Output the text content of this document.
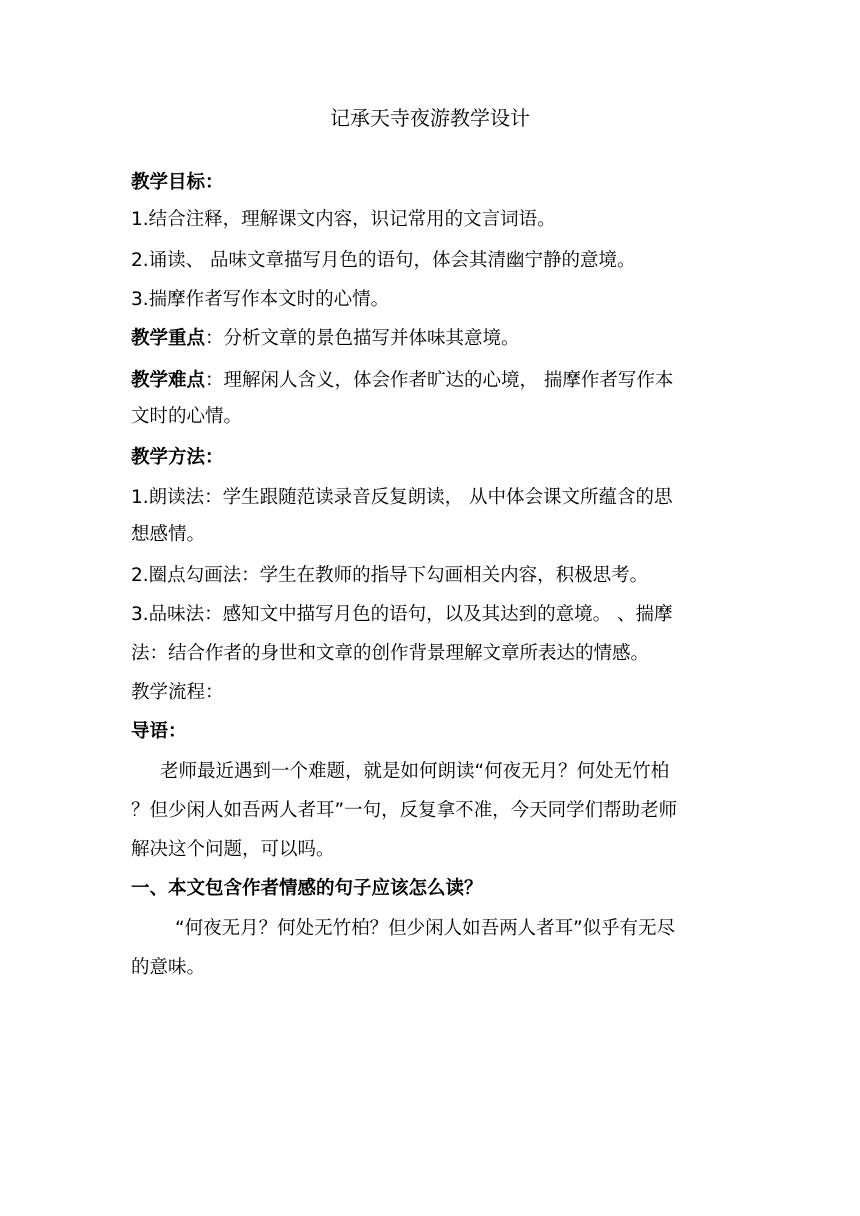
记承天寺夜游教学设计
教学目标：
1.结合注释，理解课文内容，识记常用的文言词语。
2.诵读、 品味文章描写月色的语句，体会其清幽宁静的意境。
3.揣摩作者写作本文时的心情。
教学重点：分析文章的景色描写并体味其意境。
教学难点：理解闲人含义，体会作者旷达的心境， 揣摩作者写作本
文时的心情。
教学方法：
1.朗读法：学生跟随范读录音反复朗读， 从中体会课文所蕴含的思
想感情。
2.圈点勾画法：学生在教师的指导下勾画相关内容，积极思考。
3.品味法：感知文中描写月色的语句，以及其达到的意境。 、揣摩
法：结合作者的身世和文章的创作背景理解文章所表达的情感。
教学流程：
导语：
老师最近遇到一个难题，就是如何朗读“何夜无月？何处无竹柏
？但少闲人如吾两人者耳”一句，反复拿不准，今天同学们帮助老师
解决这个问题，可以吗。
一、本文包含作者情感的句子应该怎么读？
“何夜无月？何处无竹柏？但少闲人如吾两人者耳”似乎有无尽
的意味。
